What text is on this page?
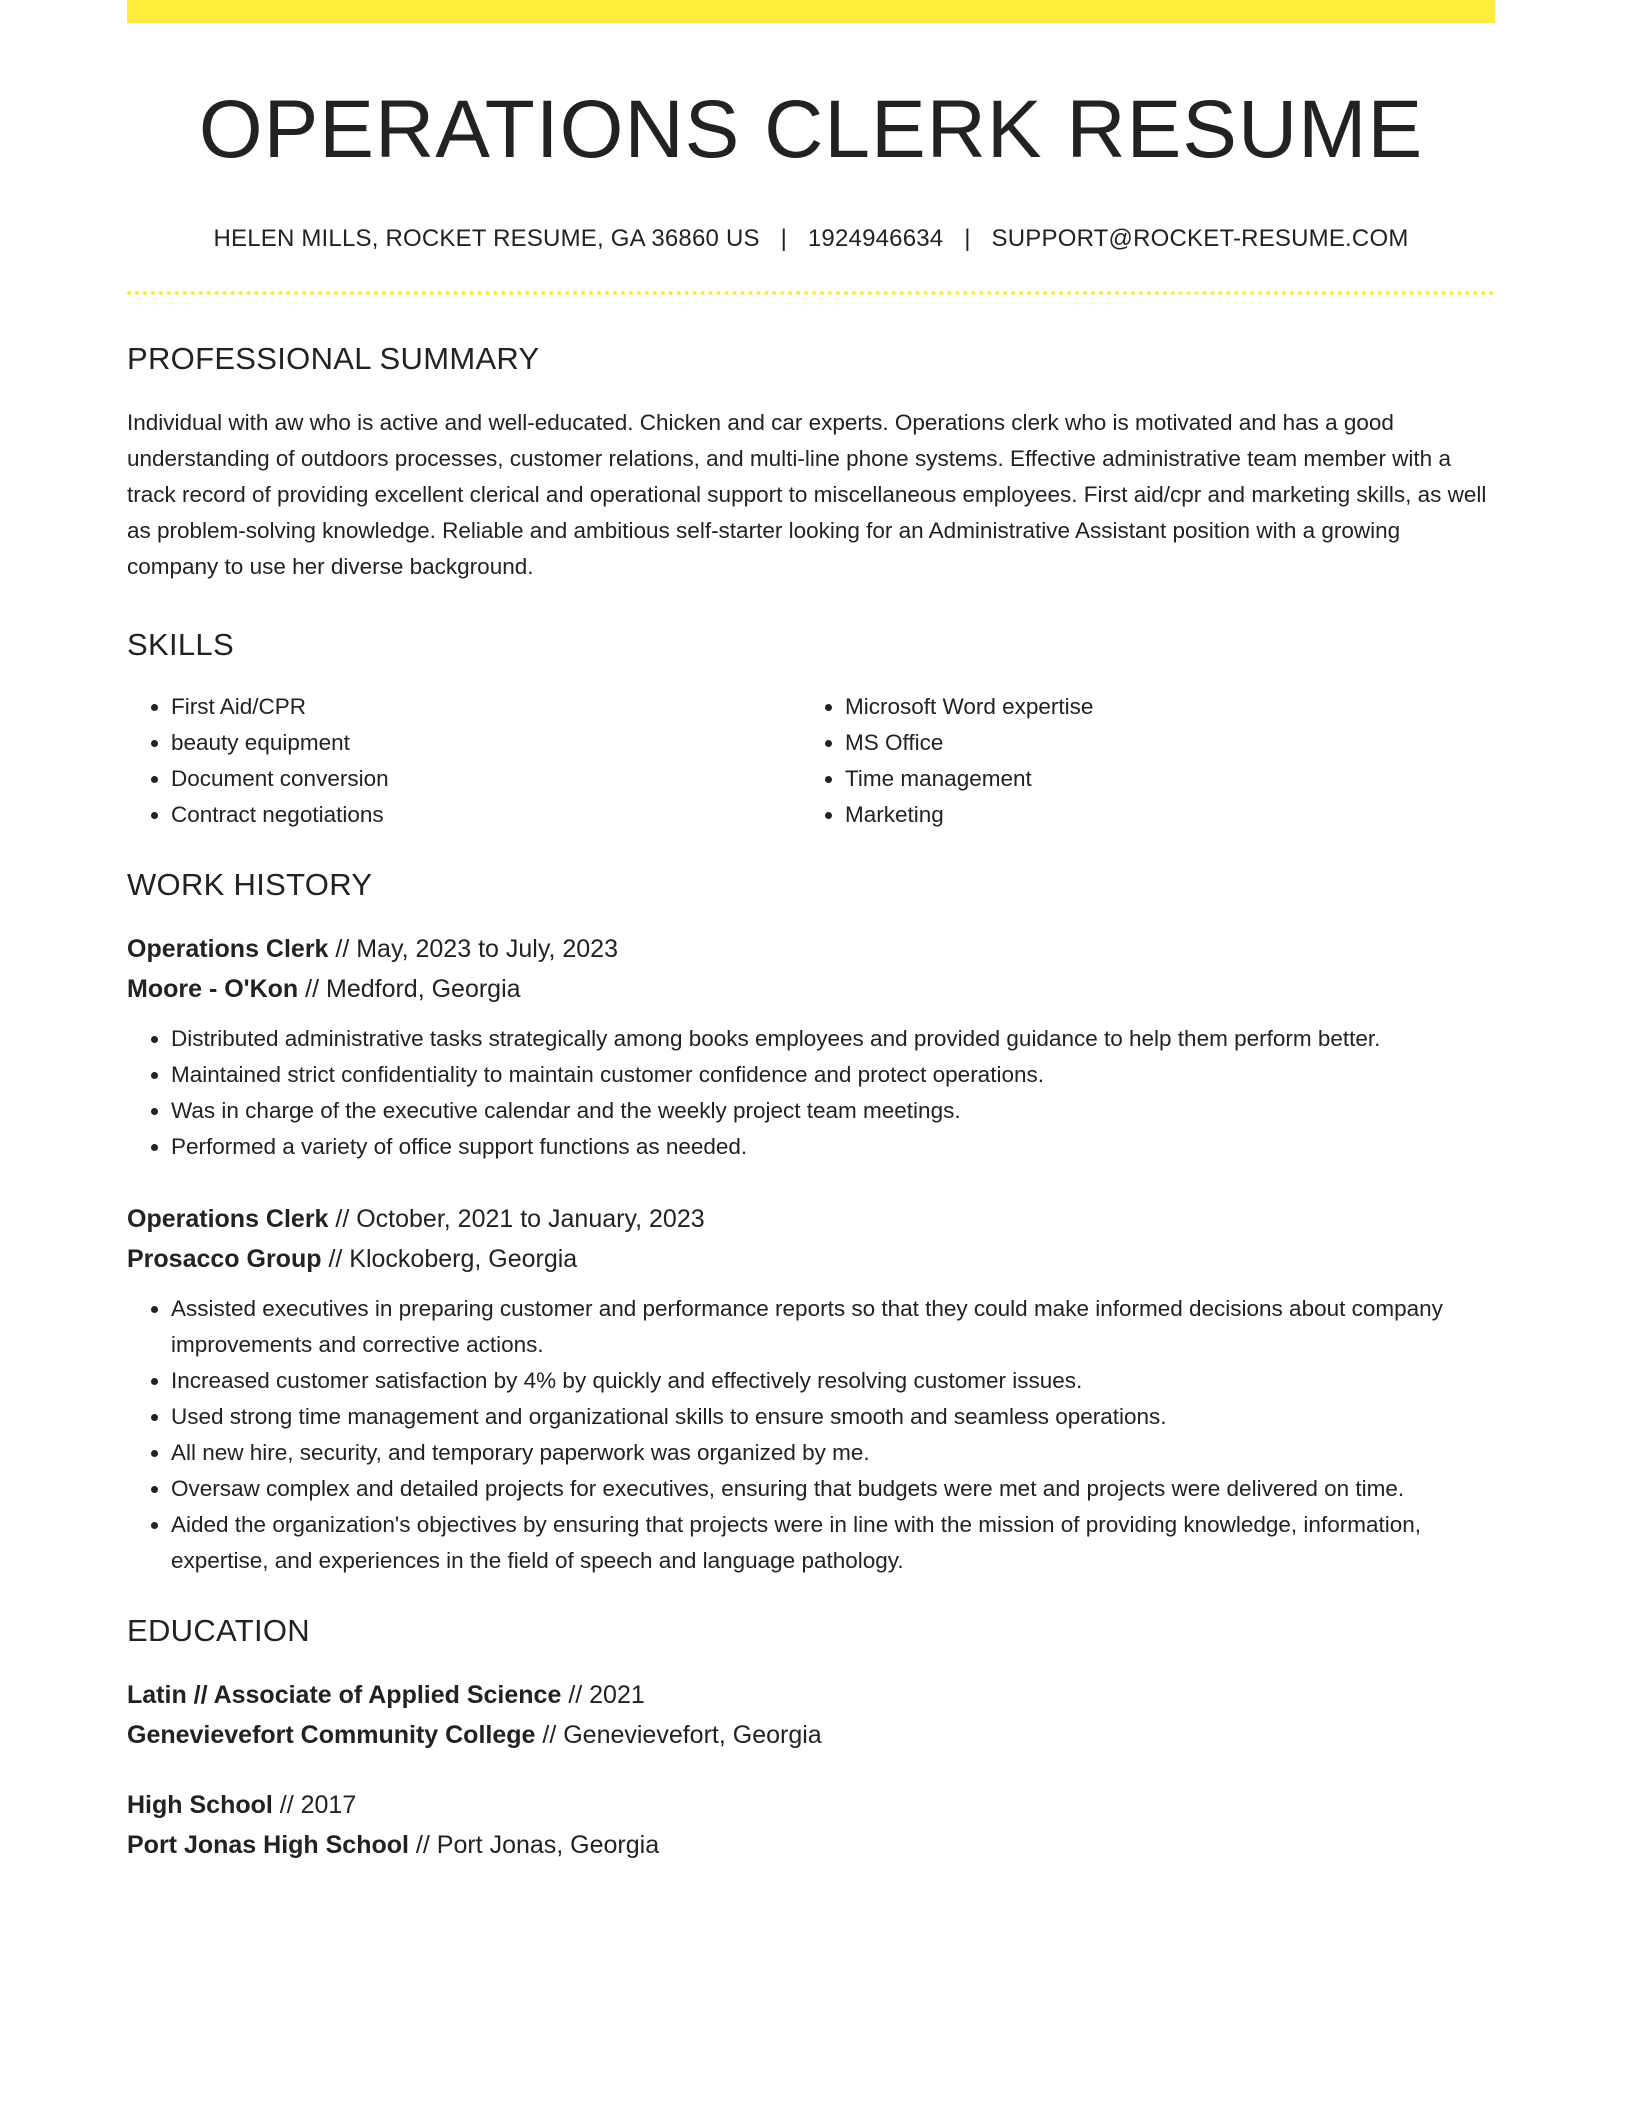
OPERATIONS CLERK RESUME
HELEN MILLS, ROCKET RESUME, GA 36860 US | 1924946634 | SUPPORT@ROCKET-RESUME.COM
PROFESSIONAL SUMMARY
Individual with aw who is active and well-educated. Chicken and car experts. Operations clerk who is motivated and has a good understanding of outdoors processes, customer relations, and multi-line phone systems. Effective administrative team member with a track record of providing excellent clerical and operational support to miscellaneous employees. First aid/cpr and marketing skills, as well as problem-solving knowledge. Reliable and ambitious self-starter looking for an Administrative Assistant position with a growing company to use her diverse background.
SKILLS
• First Aid/CPR
• beauty equipment
• Document conversion
• Contract negotiations
• Microsoft Word expertise
• MS Office
• Time management
• Marketing
WORK HISTORY
Operations Clerk // May, 2023 to July, 2023
Moore - O'Kon // Medford, Georgia
• Distributed administrative tasks strategically among books employees and provided guidance to help them perform better.
• Maintained strict confidentiality to maintain customer confidence and protect operations.
• Was in charge of the executive calendar and the weekly project team meetings.
• Performed a variety of office support functions as needed.
Operations Clerk // October, 2021 to January, 2023
Prosacco Group // Klockoberg, Georgia
• Assisted executives in preparing customer and performance reports so that they could make informed decisions about company improvements and corrective actions.
• Increased customer satisfaction by 4% by quickly and effectively resolving customer issues.
• Used strong time management and organizational skills to ensure smooth and seamless operations.
• All new hire, security, and temporary paperwork was organized by me.
• Oversaw complex and detailed projects for executives, ensuring that budgets were met and projects were delivered on time.
• Aided the organization's objectives by ensuring that projects were in line with the mission of providing knowledge, information, expertise, and experiences in the field of speech and language pathology.
EDUCATION
Latin // Associate of Applied Science // 2021
Genevievefort Community College // Genevievefort, Georgia
High School // 2017
Port Jonas High School // Port Jonas, Georgia
